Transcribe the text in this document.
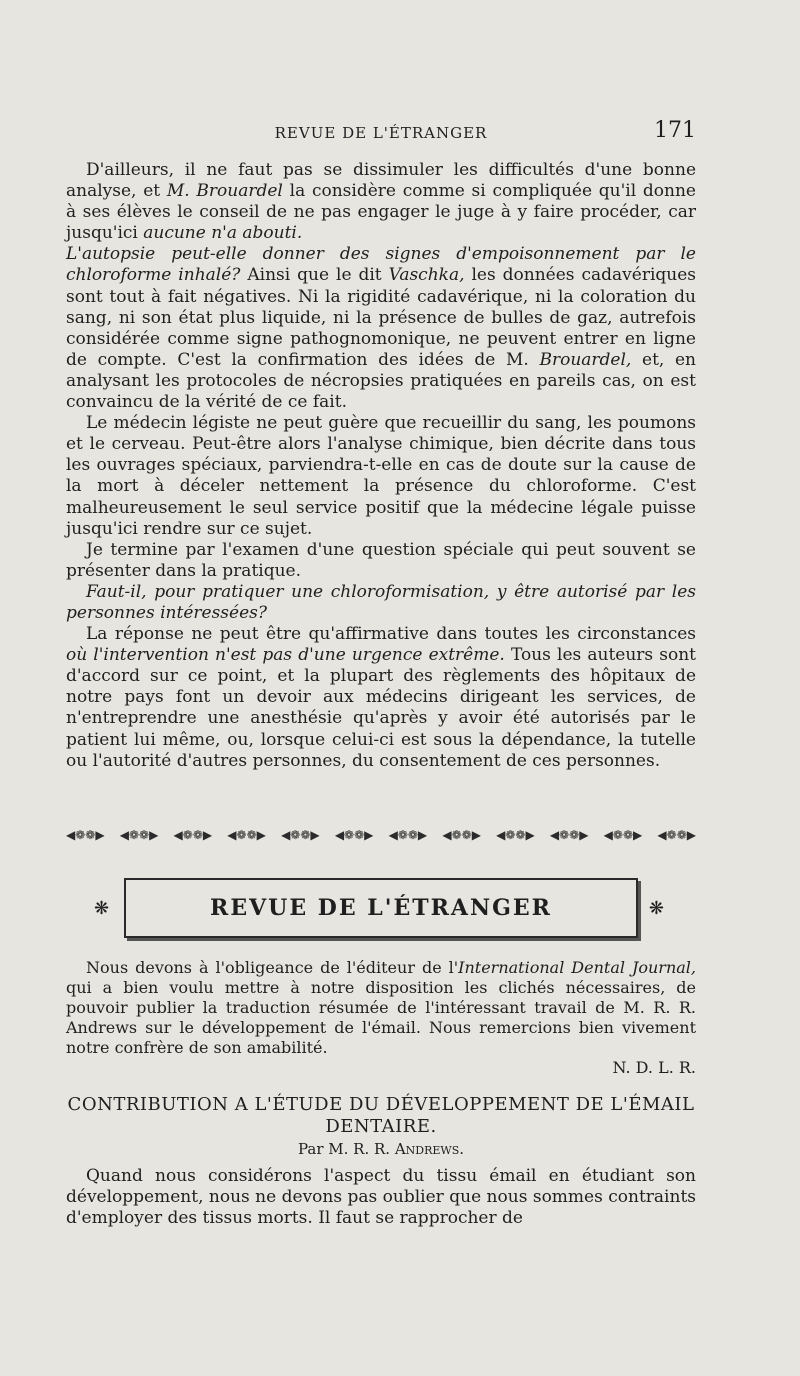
REVUE DE L'ÉTRANGER	171

D'ailleurs, il ne faut pas se dissimuler les difficultés d'une bonne analyse, et M. Brouardel la considère comme si compliquée qu'il donne à ses élèves le conseil de ne pas engager le juge à y faire procéder, car jusqu'ici aucune n'a abouti.

L'autopsie peut-elle donner des signes d'empoisonnement par le chloroforme inhalé? Ainsi que le dit Vaschka, les données cadavériques sont tout à fait négatives. Ni la rigidité cadavérique, ni la coloration du sang, ni son état plus liquide, ni la présence de bulles de gaz, autrefois considérée comme signe pathognomonique, ne peuvent entrer en ligne de compte. C'est la confirmation des idées de M. Brouardel, et, en analysant les protocoles de nécropsies pratiquées en pareils cas, on est convaincu de la vérité de ce fait.

Le médecin légiste ne peut guère que recueillir du sang, les poumons et le cerveau. Peut-être alors l'analyse chimique, bien décrite dans tous les ouvrages spéciaux, parviendra-t-elle en cas de doute sur la cause de la mort à déceler nettement la présence du chloroforme. C'est malheureusement le seul service positif que la médecine légale puisse jusqu'ici rendre sur ce sujet.

Je termine par l'examen d'une question spéciale qui peut souvent se présenter dans la pratique.

Faut-il, pour pratiquer une chloroformisation, y être autorisé par les personnes intéressées?

La réponse ne peut être qu'affirmative dans toutes les circonstances où l'intervention n'est pas d'une urgence extrême. Tous les auteurs sont d'accord sur ce point, et la plupart des règlements des hôpitaux de notre pays font un devoir aux médecins dirigeant les services, de n'entreprendre une anesthésie qu'après y avoir été autorisés par le patient lui même, ou, lorsque celui-ci est sous la dépendance, la tutelle ou l'autorité d'autres personnes, du consentement de ces personnes.

◀❁❁▶ ◀❁❁▶ ◀❁❁▶ ◀❁❁▶ ◀❁❁▶ ◀❁❁▶ ◀❁❁▶ ◀❁❁▶ ◀❁❁▶ ◀❁❁▶ ◀❁❁▶ ◀❁❁▶
❋	REVUE DE L'ÉTRANGER	❋

Nous devons à l'obligeance de l'éditeur de l'International Dental Journal, qui a bien voulu mettre à notre disposition les clichés nécessaires, de pouvoir publier la traduction résumée de l'intéressant travail de M. R. R. Andrews sur le développement de l'émail. Nous remercions bien vivement notre confrère de son amabilité.

N. D. L. R.
CONTRIBUTION A L'ÉTUDE DU DÉVELOPPEMENT DE L'ÉMAIL DENTAIRE.
Par M. R. R. Andrews.

Quand nous considérons l'aspect du tissu émail en étudiant son développement, nous ne devons pas oublier que nous sommes contraints d'employer des tissus morts. Il faut se rapprocher de
